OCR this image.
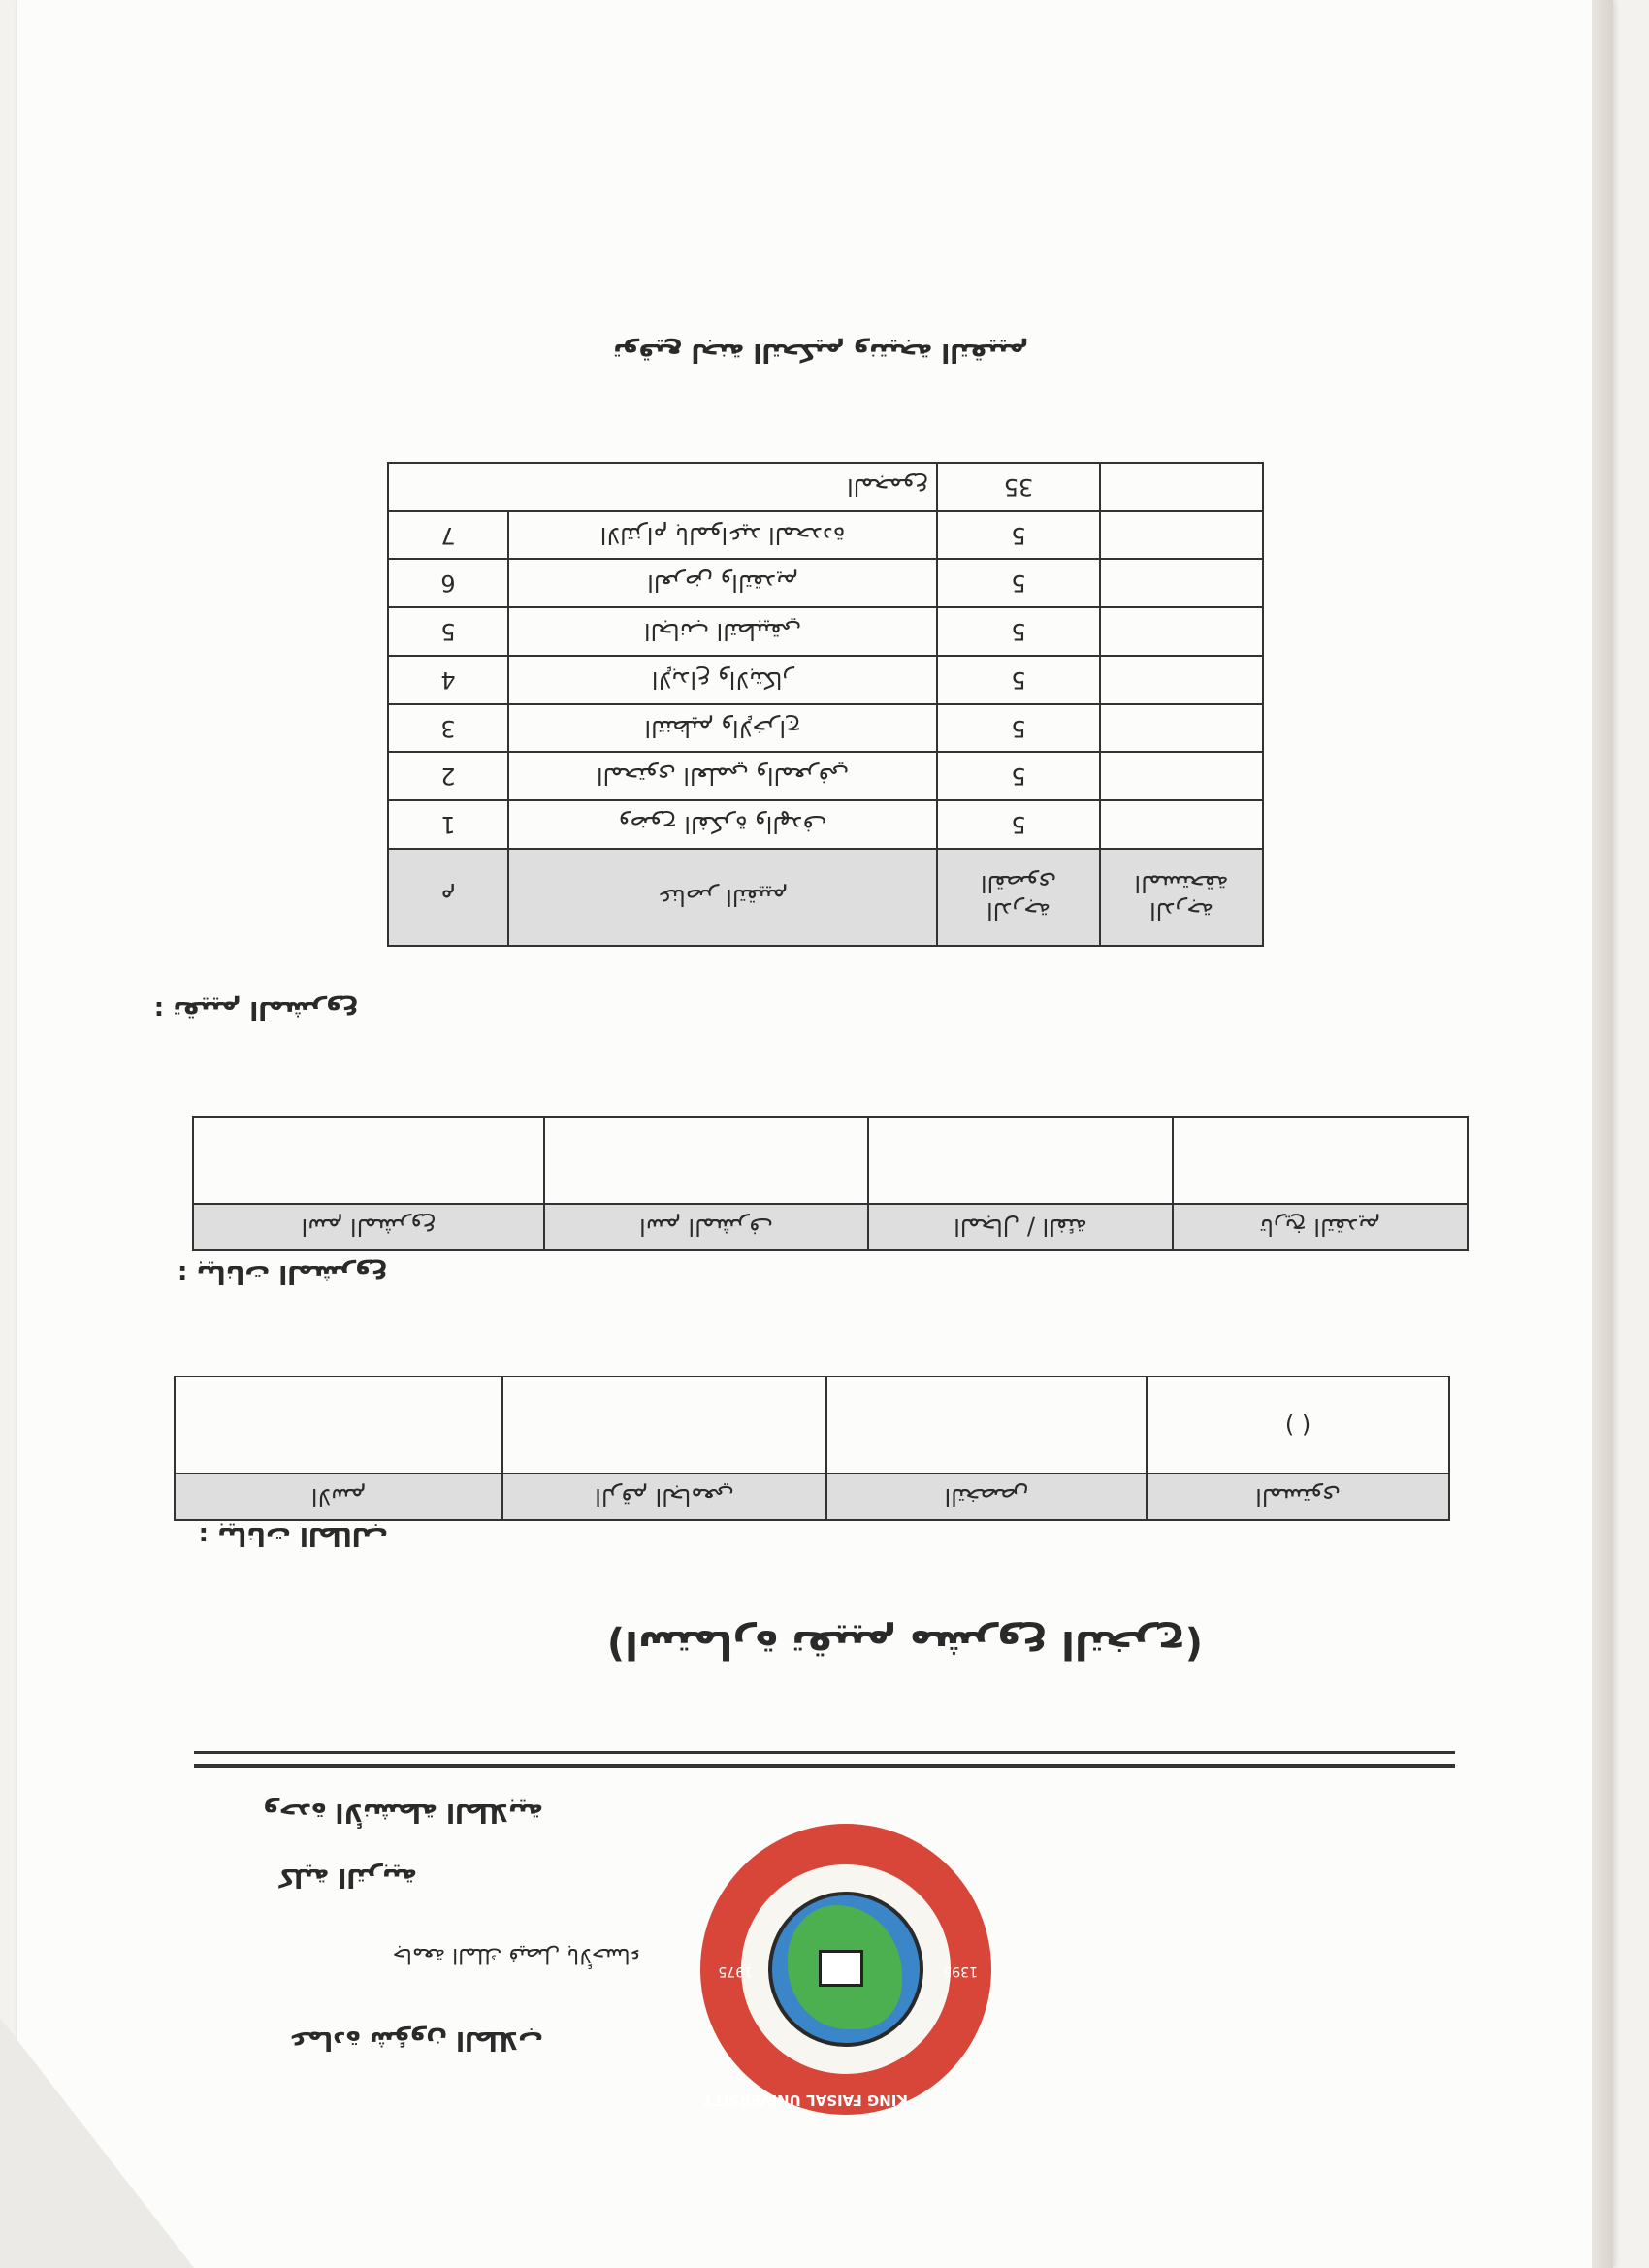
عمادة شؤون الطلاب
جامعة الملك فيصل بالأحساء
كلية التربية
وحدة الأنشطة الطلابية
KING FAISAL UNIVERSITY
1395
1975
(استمارة تقييم مشروع التخرج)
بيانات الطالب :
المستوى	التخصص	الرقم الجامعي	الاسم
( )			
بيانات المشروع :
تاريخ التقديم	المجال / الفئة	اسم المشرف	اسم المشروع

تقييم المشروع :
الدرجة المستحقة	الدرجة القصوى	عناصر التقييم	م
	5	وضوح الفكرة والهدف	1
	5	المحتوى العلمي والمعرفي	2
	5	التنظيم والإخراج	3
	5	الإبداع والابتكار	4
	5	الجانب التطبيقي	5
	5	العرض والتقديم	6
	5	الالتزام بالمواعيد المحددة	7
	35	المجموع	
توقيع لجنة التحكيم ونتيجة التقييم
